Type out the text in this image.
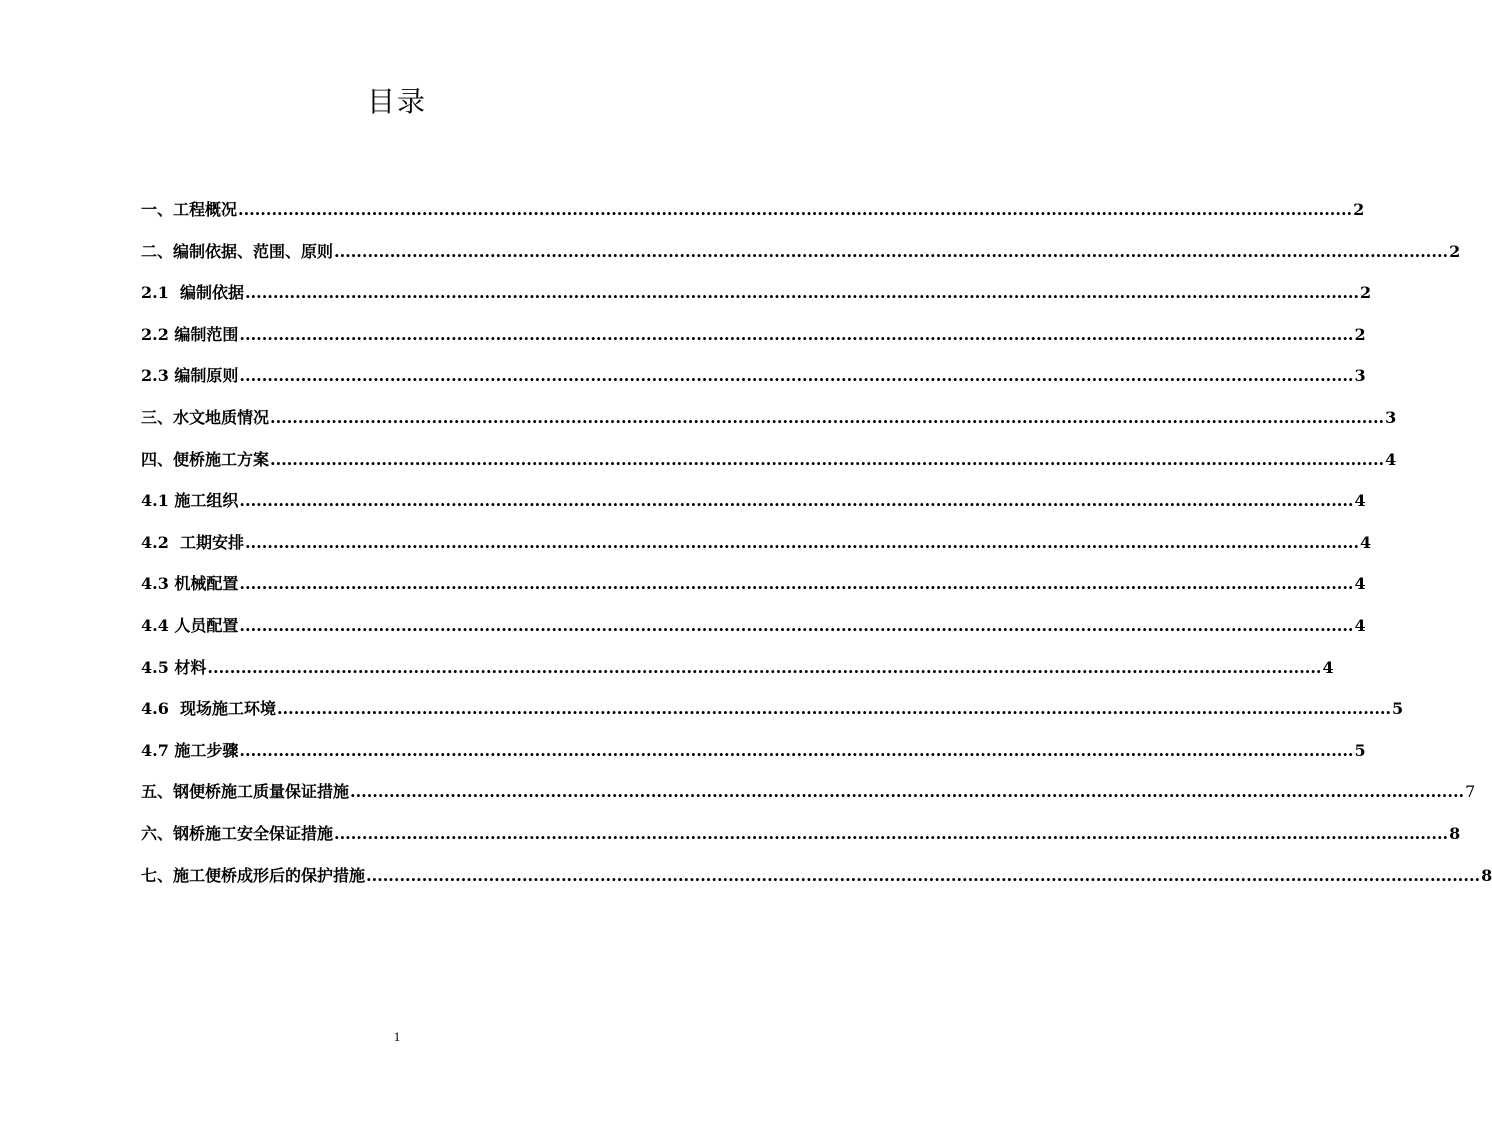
目录
一、工程概况 ........................................................................................................................................................................................................ 2
二、编制依据、范围、原则 ........................................................................................................................................................................................................ 2
2.1  编制依据 ........................................................................................................................................................................................................ 2
2.2 编制范围 ........................................................................................................................................................................................................ 2
2.3 编制原则 ........................................................................................................................................................................................................ 3
三、水文地质情况 ........................................................................................................................................................................................................ 3
四、便桥施工方案 ........................................................................................................................................................................................................ 4
4.1 施工组织 ........................................................................................................................................................................................................ 4
4.2  工期安排 ........................................................................................................................................................................................................ 4
4.3 机械配置 ........................................................................................................................................................................................................ 4
4.4 人员配置 ........................................................................................................................................................................................................ 4
4.5 材料 ........................................................................................................................................................................................................ 4
4.6  现场施工环境 ........................................................................................................................................................................................................ 5
4.7 施工步骤 ........................................................................................................................................................................................................ 5
五、钢便桥施工质量保证措施 ........................................................................................................................................................................................................ 7
六、钢桥施工安全保证措施 ........................................................................................................................................................................................................ 8
七、施工便桥成形后的保护措施 ........................................................................................................................................................................................................ 8
1
